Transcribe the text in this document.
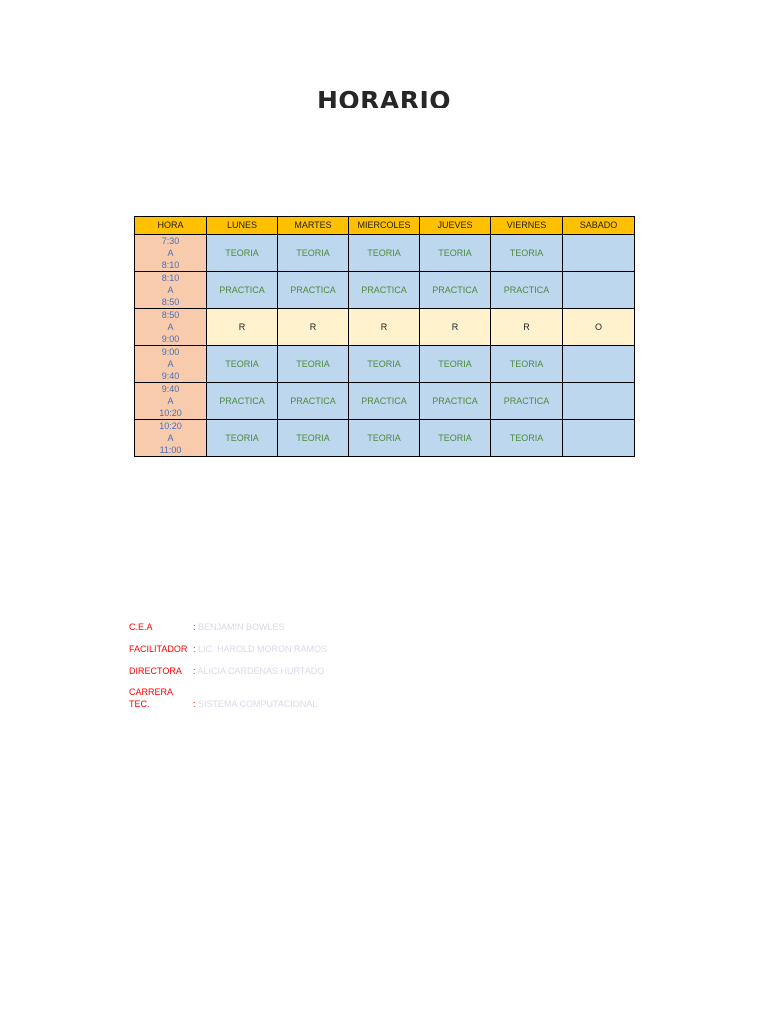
HORARIO
HORA	LUNES	MARTES	MIERCOLES	JUEVES	VIERNES	SABADO

7:30
A
8:10	TEORIA	TEORIA	TEORIA	TEORIA	TEORIA	

8:10
A
8:50	PRACTICA	PRACTICA	PRACTICA	PRACTICA	PRACTICA	

8:50
A
9:00	R	R	R	R	R	O

9:00
A
9:40	TEORIA	TEORIA	TEORIA	TEORIA	TEORIA	

9:40
A
10:20	PRACTICA	PRACTICA	PRACTICA	PRACTICA	PRACTICA	

10:20
A
11:00	TEORIA	TEORIA	TEORIA	TEORIA	TEORIA	
C.E.A	: BENJAMIN BOWLES
FACILITADOR : LIC. HAROLD MORON RAMOS
DIRECTORA : ALICIA CARDENAS HURTADO
CARRERA TEC.	: SISTEMA COMPUTACIONAL
